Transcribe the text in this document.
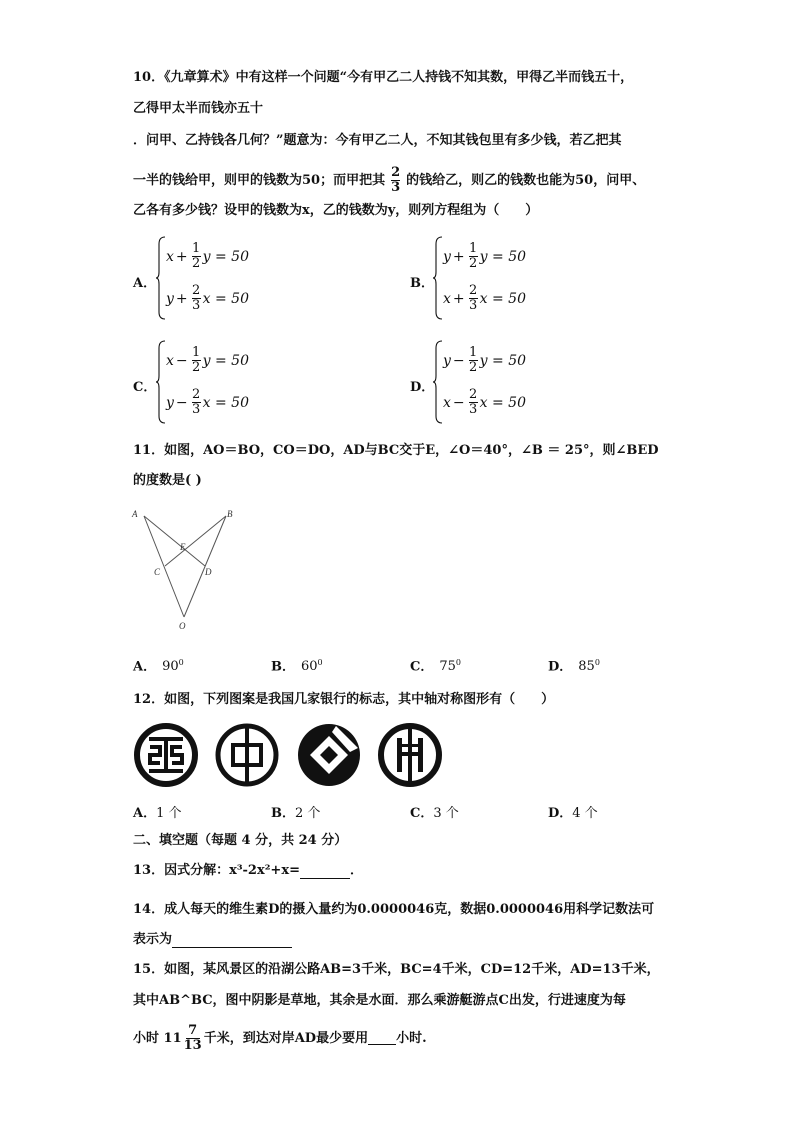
10．《九章算术》中有这样一个问题“今有甲乙二人持钱不知其数，甲得乙半而钱五十，
乙得甲太半而钱亦五十
．问甲、乙持钱各几何？”题意为：今有甲乙二人，不知其钱包里有多少钱，若乙把其
一半的钱给甲，则甲的钱数为50；而甲把其 $\frac{2}{3}$ 的钱给乙，则乙的钱数也能为50，问甲、
乙各有多少钱？设甲的钱数为x，乙的钱数为y，则列方程组为（　　）
A．
$x + \frac{1}{2}$ y = 50
$y + \frac{2}{3}$ x = 50
B．
$y + \frac{1}{2}$ y = 50
$x + \frac{2}{3}$ x = 50
C．
$x - \frac{1}{2}$ y = 50
$y - \frac{2}{3}$ x = 50
D．
$y - \frac{1}{2}$ y = 50
$x - \frac{2}{3}$ x = 50
11．如图，AO＝BO，CO＝DO，AD与BC交于E，∠O＝40°，∠B ＝ 25°，则∠BED
的度数是( )
A	B
E
C	D
O
A． $90^0$	B． $60^0$	C． $75^0$	D． $85^0$
12．如图，下列图案是我国几家银行的标志，其中轴对称图形有（　　）
A．1 个	B．2 个	C．3 个	D．4 个
二、填空题（每题 4 分，共 24 分）
13．因式分解：x³-2x²+x=	．
14．成人每天的维生素D的摄入量约为0.0000046克，数据0.0000046用科学记数法可
表示为
15．如图，某风景区的沿湖公路AB=3千米，BC=4千米，CD=12千米，AD=13千米，
其中AB^BC，图中阴影是草地，其余是水面．那么乘游艇游点C出发，行进速度为每
小时 $11 \frac{7}{13}$ 千米，到达对岸AD最少要用 小时.
